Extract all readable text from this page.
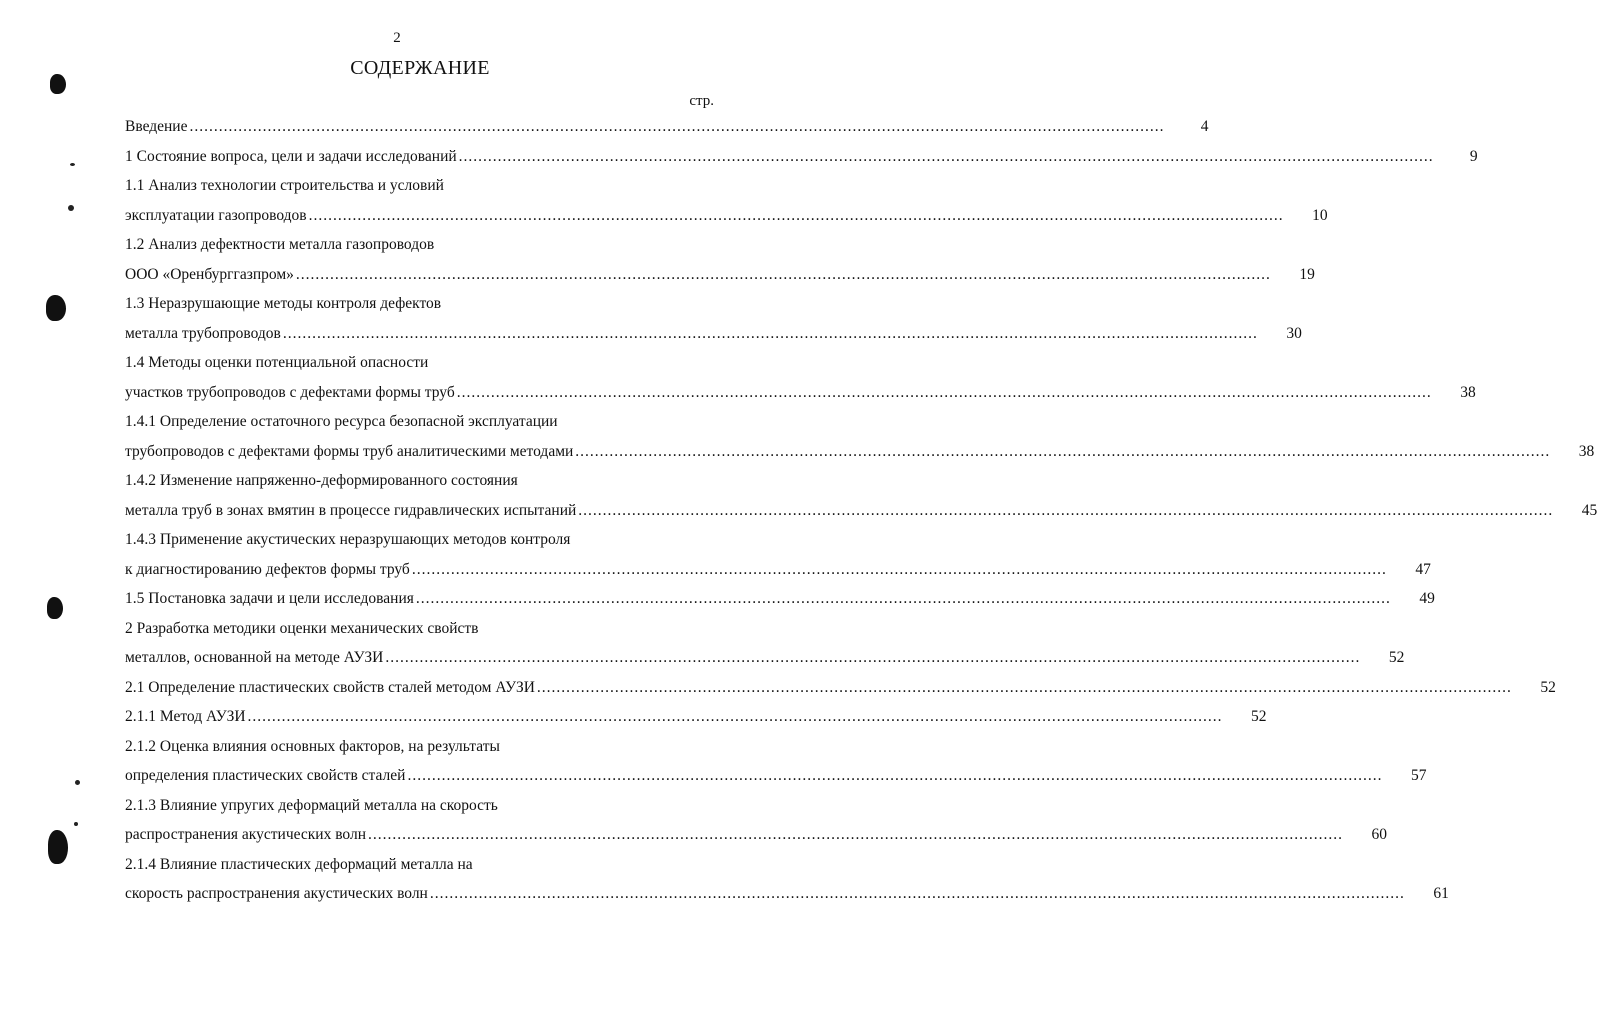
2
СОДЕРЖАНИЕ
стр.
Введение ........................................................................................................................................................................................................	4
1 Состояние вопроса, цели и задачи исследований ........................................................................................................................................................................................................	9
1.1 Анализ технологии строительства и условий
эксплуатации газопроводов ........................................................................................................................................................................................................	10
1.2 Анализ дефектности металла газопроводов
ООО «Оренбурггазпром» ........................................................................................................................................................................................................	19
1.3 Неразрушающие методы контроля дефектов
металла трубопроводов ........................................................................................................................................................................................................	30
1.4 Методы оценки потенциальной опасности
участков трубопроводов с дефектами формы труб ........................................................................................................................................................................................................	38
1.4.1 Определение остаточного ресурса безопасной эксплуатации
трубопроводов с дефектами формы труб аналитическими методами ........................................................................................................................................................................................................	38
1.4.2 Изменение напряженно-деформированного состояния
металла труб в зонах вмятин в процессе гидравлических испытаний ........................................................................................................................................................................................................	45
1.4.3 Применение акустических неразрушающих методов контроля
к диагностированию дефектов формы труб ........................................................................................................................................................................................................	47
1.5 Постановка задачи и цели исследования ........................................................................................................................................................................................................	49
2 Разработка методики оценки механических свойств
металлов, основанной на методе АУЗИ ........................................................................................................................................................................................................	52
2.1 Определение пластических свойств сталей методом АУЗИ ........................................................................................................................................................................................................	52
2.1.1 Метод АУЗИ ........................................................................................................................................................................................................	52
2.1.2 Оценка влияния основных факторов, на результаты
определения пластических свойств сталей ........................................................................................................................................................................................................	57
2.1.3 Влияние упругих деформаций металла на скорость
распространения акустических волн ........................................................................................................................................................................................................	60
2.1.4 Влияние пластических деформаций металла на
скорость распространения акустических волн ........................................................................................................................................................................................................	61
